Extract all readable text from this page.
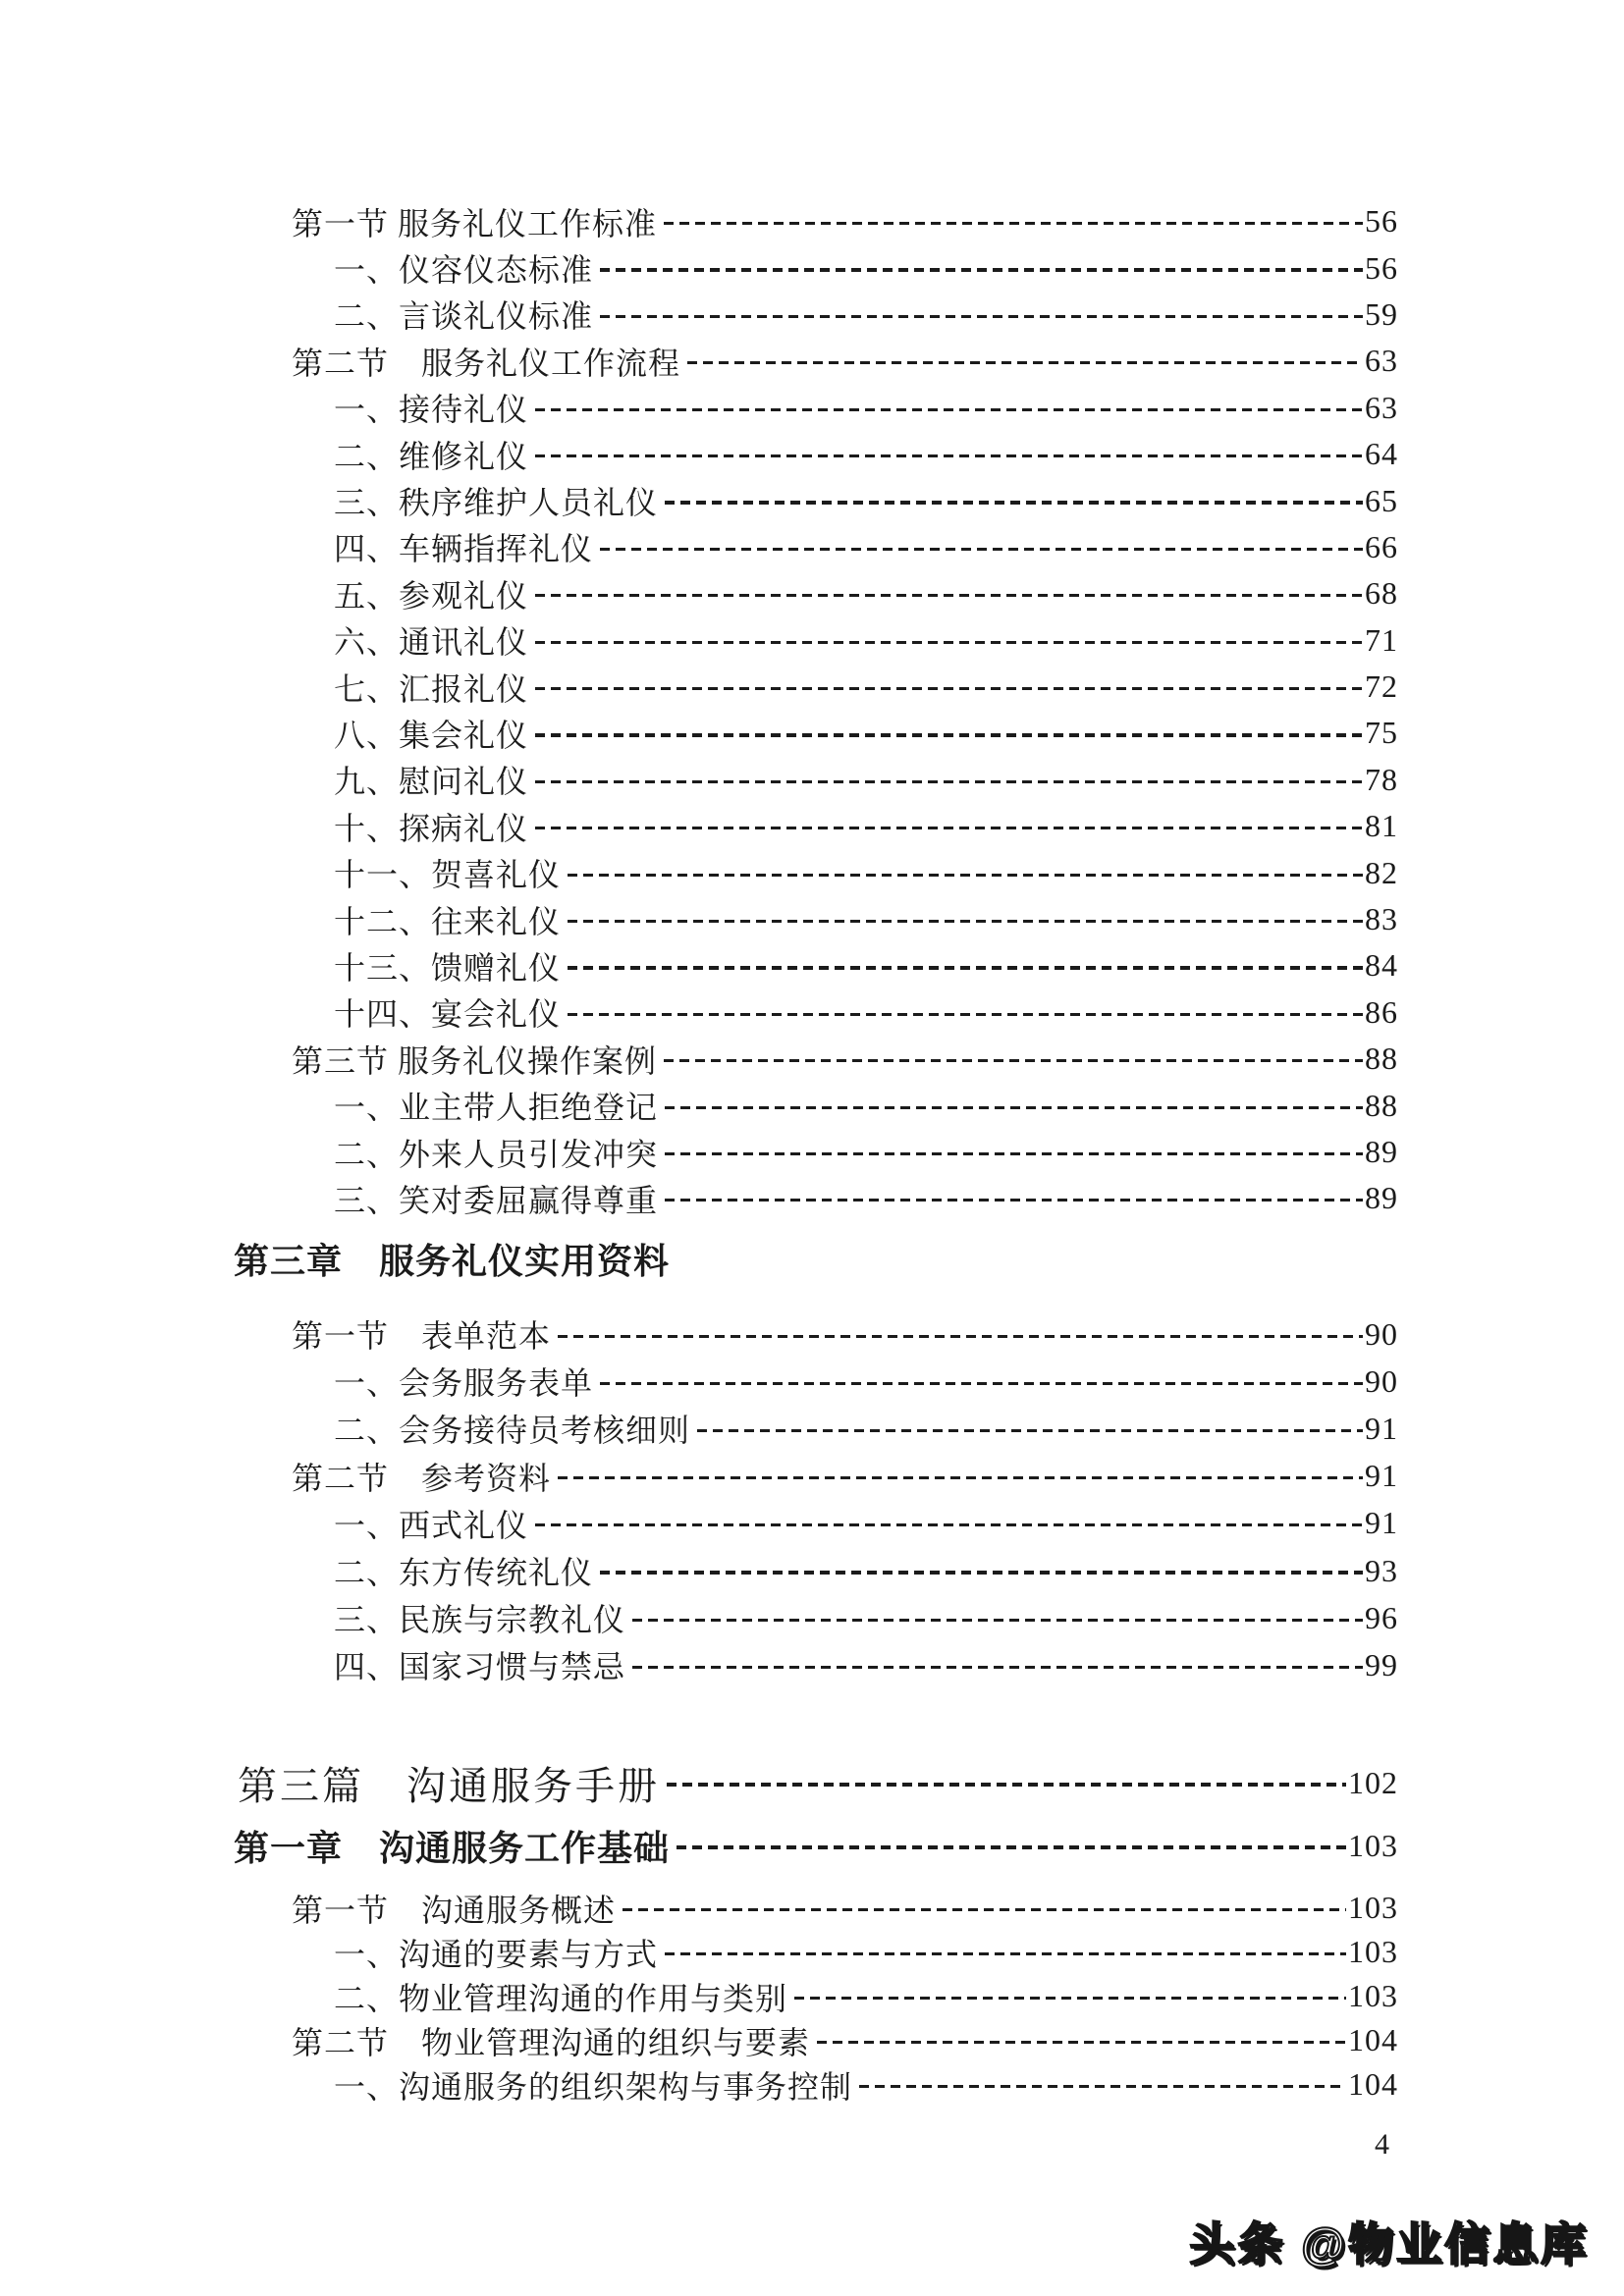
第一节 服务礼仪工作标准	56
一、仪容仪态标准	56
二、言谈礼仪标准	59
第二节　服务礼仪工作流程	63
一、接待礼仪	63
二、维修礼仪	64
三、秩序维护人员礼仪	65
四、车辆指挥礼仪	66
五、参观礼仪	68
六、通讯礼仪	71
七、汇报礼仪	72
八、集会礼仪	75
九、慰问礼仪	78
十、探病礼仪	81
十一、贺喜礼仪	82
十二、往来礼仪	83
十三、馈赠礼仪	84
十四、宴会礼仪	86
第三节 服务礼仪操作案例	88
一、业主带人拒绝登记	88
二、外来人员引发冲突	89
三、笑对委屈赢得尊重	89
第三章　服务礼仪实用资料
第一节　表单范本	90
一、会务服务表单	90
二、会务接待员考核细则	91
第二节　参考资料	91
一、西式礼仪	91
二、东方传统礼仪	93
三、民族与宗教礼仪	96
四、国家习惯与禁忌	99
第三篇　沟通服务手册	102
第一章　沟通服务工作基础	103
第一节　沟通服务概述	103
一、沟通的要素与方式	103
二、物业管理沟通的作用与类别	103
第二节　物业管理沟通的组织与要素	104
一、沟通服务的组织架构与事务控制	104
4
头条 @物业信息库
